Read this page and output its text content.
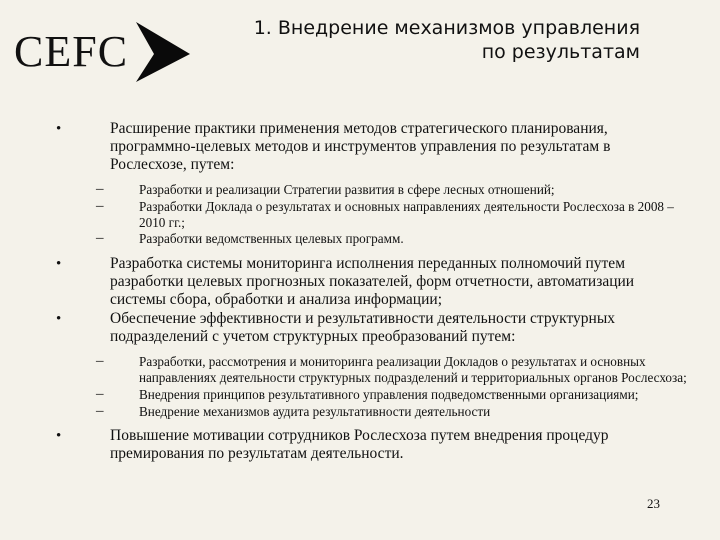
CEFC	1. Внедрение механизмов управления
по результатам
•	Расширение практики применения методов стратегического планирования, программно-целевых методов и инструментов управления по результатам в Рослесхозе, путем:
–	Разработки и реализации Стратегии развития в сфере лесных отношений;
–	Разработки Доклада о результатах и основных направлениях деятельности Рослесхоза в 2008 – 2010 гг.;
–	Разработки ведомственных целевых программ.
•	Разработка системы мониторинга исполнения переданных полномочий путем разработки целевых прогнозных показателей, форм отчетности, автоматизации системы сбора, обработки и анализа информации;
•	Обеспечение эффективности и результативности деятельности структурных подразделений с учетом структурных преобразований путем:
–	Разработки, рассмотрения и мониторинга реализации Докладов о результатах и основных направлениях деятельности структурных подразделений и территориальных органов Рослесхоза;
–	Внедрения принципов результативного управления подведомственными организациями;
–	Внедрение механизмов аудита результативности деятельности
•	Повышение мотивации сотрудников Рослесхоза путем внедрения процедур премирования по результатам деятельности.
23
